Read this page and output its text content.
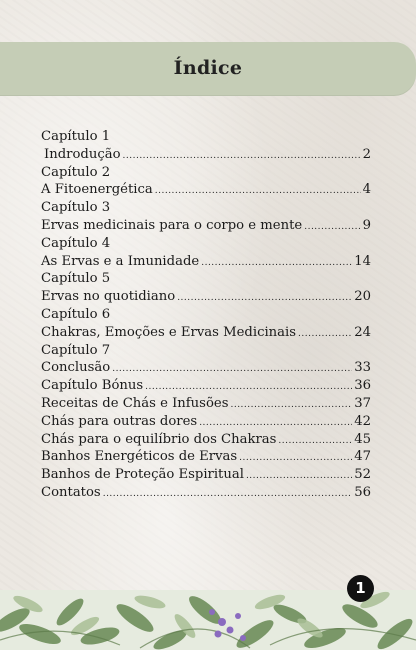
Índice
Capítulo 1
Indrodução .....	2
Capítulo 2
A Fitoenergética .....	4
Capítulo 3
Ervas medicinais para o corpo e mente .....	9
Capítulo 4
As Ervas e a Imunidade .....	14
Capítulo 5
Ervas no quotidiano .....	20
Capítulo 6
Chakras, Emoções e Ervas Medicinais .....	24
Capítulo 7
Conclusão .....	33
Capítulo Bónus .....	36
Receitas de Chás e Infusões .....	37
Chás para outras dores .....	42
Chás para o equilíbrio dos Chakras .....	45
Banhos Energéticos de Ervas .....	47
Banhos de Proteção Espiritual .....	52
Contatos .....	56
1
